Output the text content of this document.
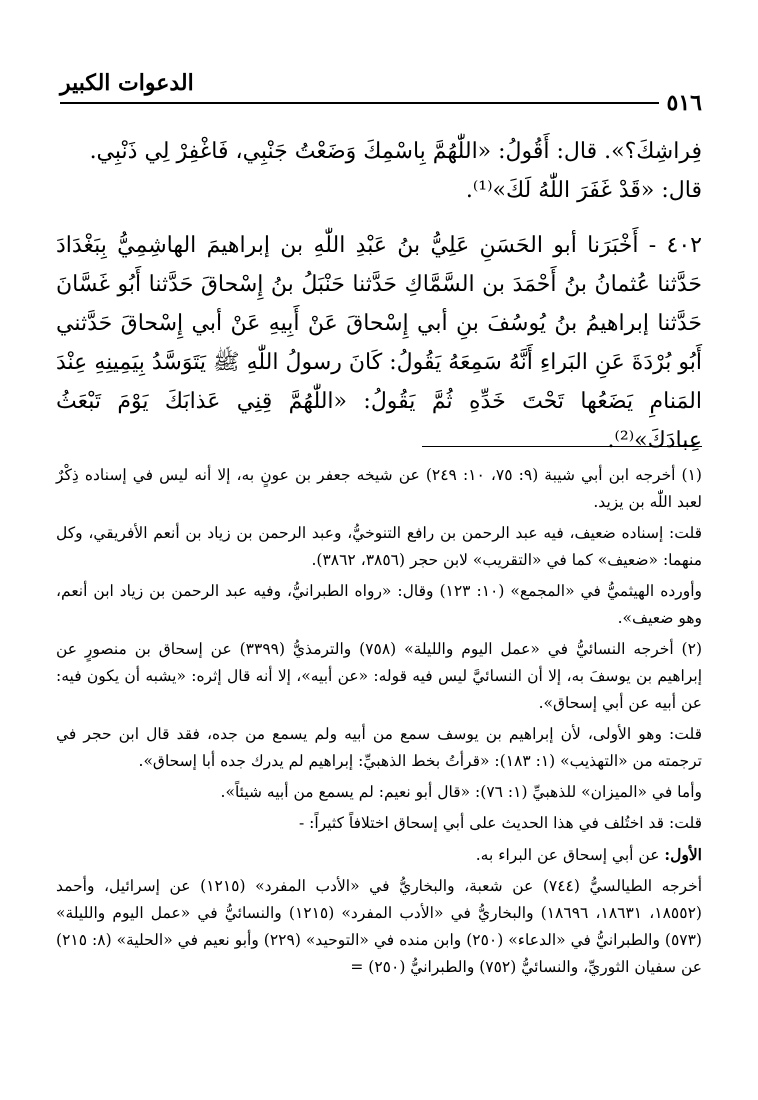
الدعوات الكبير
٥١٦

فِراشِكَ؟». قال: أَقُولُ: «اللّٰهُمَّ بِاسْمِكَ وَضَعْتُ جَنْبِي، فَاغْفِرْ لِي ذَنْبِي.

قال: «قَدْ غَفَرَ اللّٰهُ لَكَ»⁽¹⁾.

٤٠٢ - أَخْبَرَنا أبو الحَسَنِ عَلِيُّ بنُ عَبْدِ اللّٰهِ بن إبراهيمَ الهاشِمِيُّ بِبَغْدَادَ حَدَّثنا عُثمانُ بنُ أَحْمَدَ بن السَّمَّاكِ حَدَّثنا حَنْبَلُ بنُ إِسْحاقَ حَدَّثنا أَبُو غَسَّانَ حَدَّثنا إبراهيمُ بنُ يُوسُفَ بنِ أبي إِسْحاقَ عَنْ أَبِيهِ عَنْ أبي إِسْحاقَ حَدَّثني أَبُو بُرْدَةَ عَنِ البَراءِ أَنَّهُ سَمِعَهُ يَقُولُ: كَانَ رسولُ اللّٰهِ ﷺ يَتَوَسَّدُ بِيَمِينِهِ عِنْدَ المَنامِ يَضَعُها تَحْتَ خَدِّهِ ثُمَّ يَقُولُ: «اللّٰهُمَّ قِنِي عَذابَكَ يَوْمَ تَبْعَثُ عِبادَكَ»⁽²⁾.

(١) أخرجه ابن أبي شيبة (٩: ٧٥، ١٠: ٢٤٩) عن شيخه جعفر بن عونٍ به، إلا أنه ليس في إسناده ذِكْرٌ لعبد اللّٰه بن يزيد.

قلت: إسناده ضعيف، فيه عبد الرحمن بن رافع التنوخيُّ، وعبد الرحمن بن زياد بن أنعم الأفريقي، وكل منهما: «ضعيف» كما في «التقريب» لابن حجر (٣٨٥٦، ٣٨٦٢).

وأورده الهيثميُّ في «المجمع» (١٠: ١٢٣) وقال: «رواه الطبرانيُّ، وفيه عبد الرحمن بن زياد ابن أنعم، وهو ضعيف».

(٢) أخرجه النسائيُّ في «عمل اليوم والليلة» (٧٥٨) والترمذيُّ (٣٣٩٩) عن إسحاق بن منصورٍ عن إبراهيم بن يوسفَ به، إلا أن النسائيَّ ليس فيه قوله: «عن أبيه»، إلا أنه قال إثره: «يشبه أن يكون فيه: عن أبيه عن أبي إسحاق».

قلت: وهو الأولى، لأن إبراهيم بن يوسف سمع من أبيه ولم يسمع من جده، فقد قال ابن حجر في ترجمته من «التهذيب» (١: ١٨٣): «قرأتُ بخط الذهبيِّ: إبراهيم لم يدرك جده أبا إسحاق».

وأما في «الميزان» للذهبيِّ (١: ٧٦): «قال أبو نعيم: لم يسمع من أبيه شيئاً».

قلت: قد اختُلف في هذا الحديث على أبي إسحاق اختلافاً كثيراً: -

الأول: عن أبي إسحاق عن البراء به.

أخرجه الطيالسيُّ (٧٤٤) عن شعبة، والبخاريُّ في «الأدب المفرد» (١٢١٥) عن إسرائيل، وأحمد (١٨٥٥٢، ١٨٦٣١، ١٨٦٩٦) والبخاريُّ في «الأدب المفرد» (١٢١٥) والنسائيُّ في «عمل اليوم والليلة» (٥٧٣) والطبرانيُّ في «الدعاء» (٢٥٠) وابن منده في «التوحيد» (٢٢٩) وأبو نعيم في «الحلية» (٨: ٢١٥) عن سفيان الثوريِّ، والنسائيُّ (٧٥٢) والطبرانيُّ (٢٥٠) =
